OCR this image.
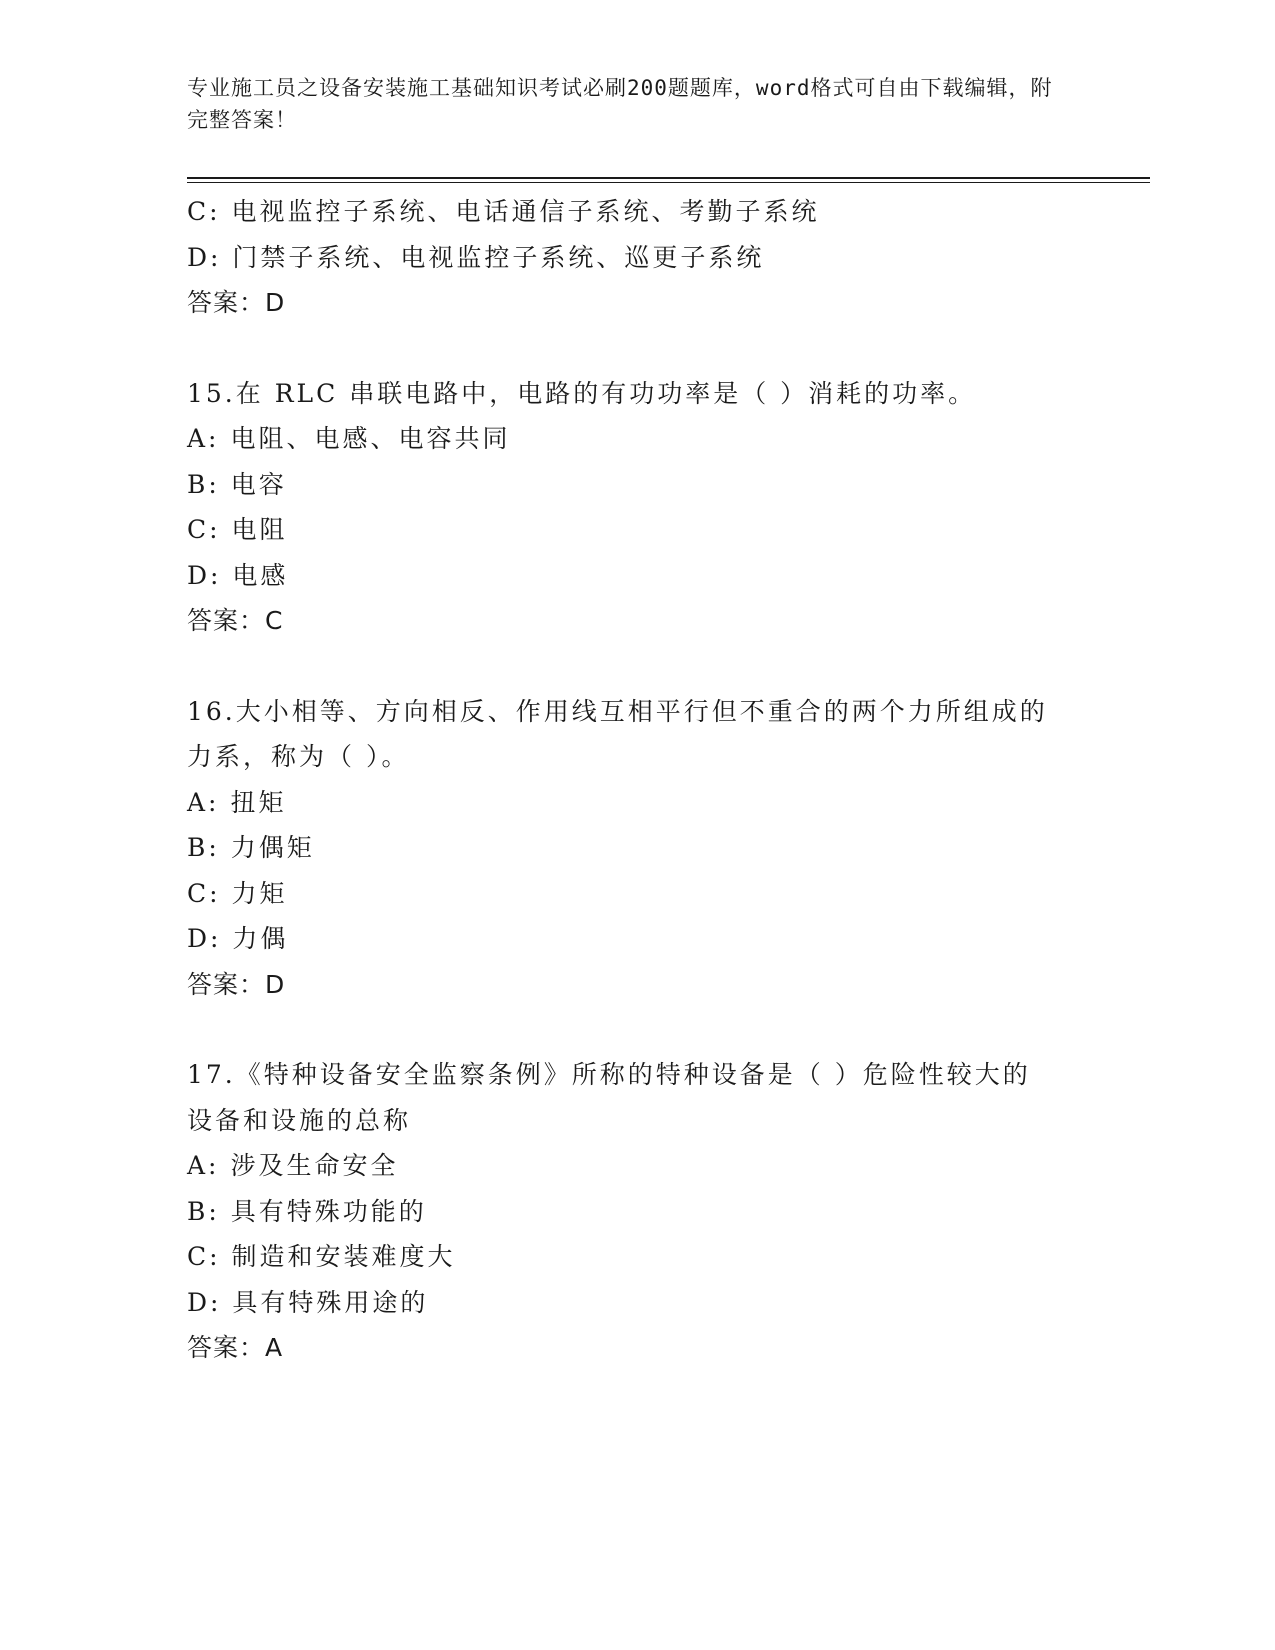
专业施工员之设备安装施工基础知识考试必刷200题题库，word格式可自由下载编辑，附完整答案！
C: 电视监控子系统、电话通信子系统、考勤子系统
D: 门禁子系统、电视监控子系统、巡更子系统
答案：D
15.在 RLC 串联电路中，电路的有功功率是（ ）消耗的功率。
A: 电阻、电感、电容共同
B: 电容
C: 电阻
D: 电感
答案：C
16.大小相等、方向相反、作用线互相平行但不重合的两个力所组成的
力系，称为（ ）。
A: 扭矩
B: 力偶矩
C: 力矩
D: 力偶
答案：D
17.《特种设备安全监察条例》所称的特种设备是（ ）危险性较大的
设备和设施的总称
A: 涉及生命安全
B: 具有特殊功能的
C: 制造和安装难度大
D: 具有特殊用途的
答案：A
